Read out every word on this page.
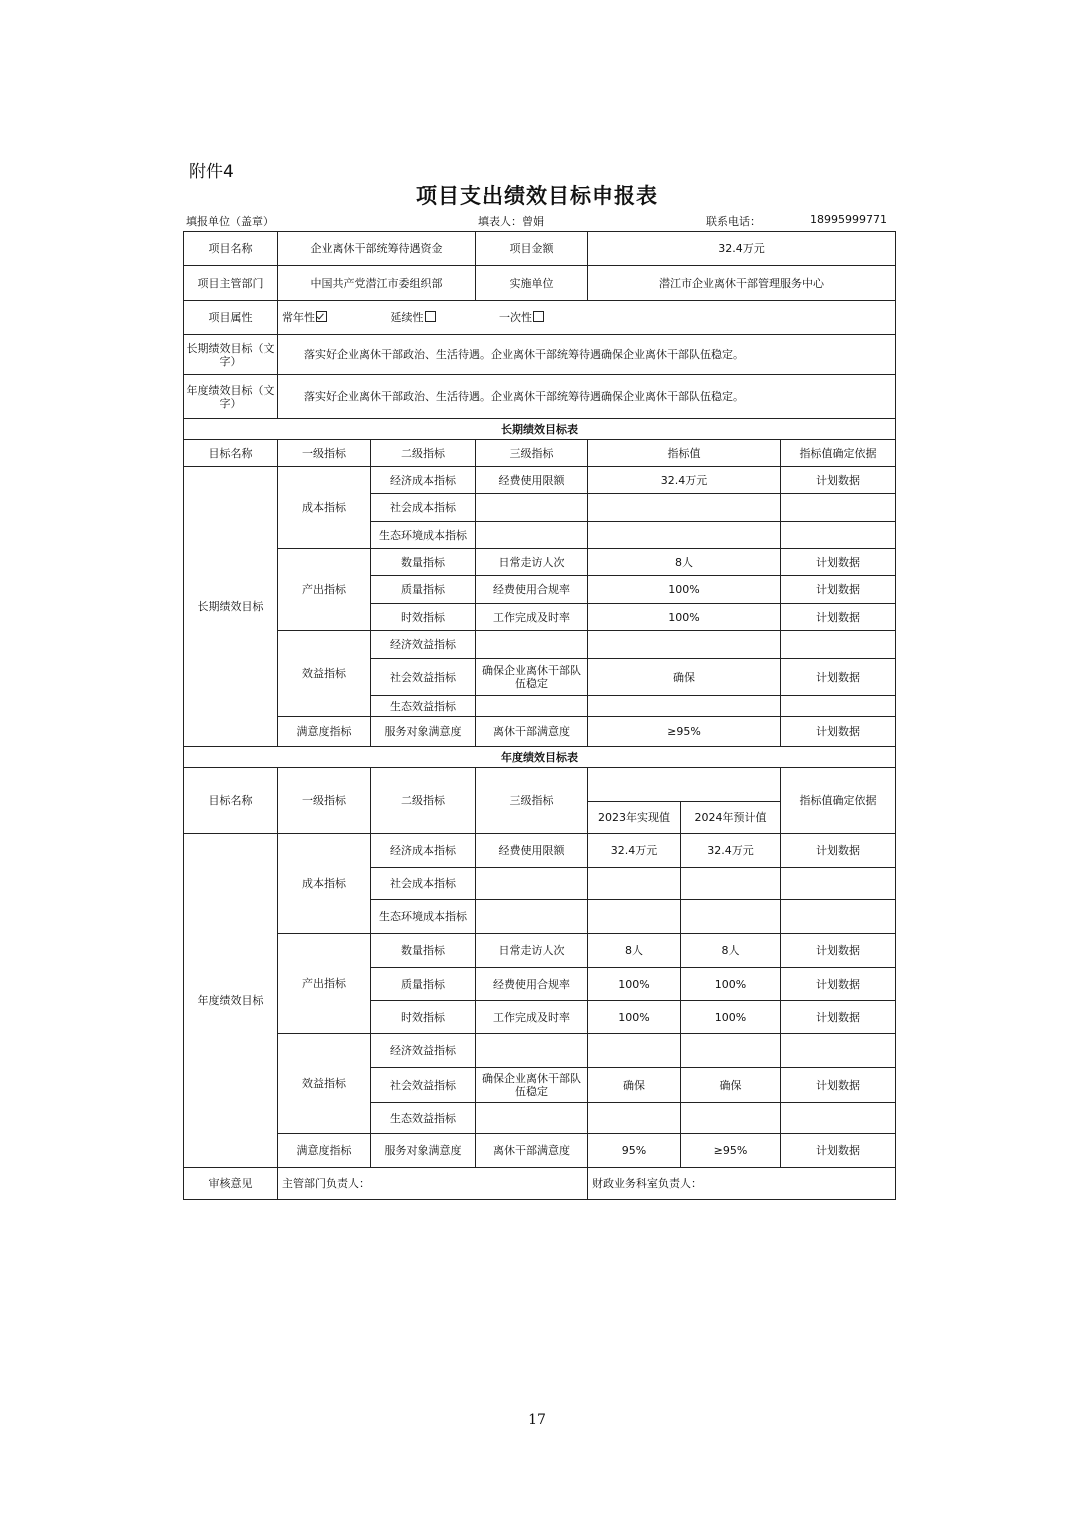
附件4
项目支出绩效目标申报表
填报单位（盖章）	填表人：曾娟	联系电话：	18995999771
项目名称	企业离休干部统筹待遇资金		项目金额	32.4万元		
项目主管部门	中国共产党潜江市委组织部		实施单位	潜江市企业离休干部管理服务中心		
项目属性	常年性 延续性 一次性					
长期绩效目标（文字）	落实好企业离休干部政治、生活待遇。企业离休干部统筹待遇确保企业离休干部队伍稳定。					
年度绩效目标（文字）	落实好企业离休干部政治、生活待遇。企业离休干部统筹待遇确保企业离休干部队伍稳定。					
长期绩效目标表						
目标名称	一级指标	二级指标	三级指标	指标值		指标值确定依据
长期绩效目标	成本指标	经济成本指标	经费使用限额	32.4万元		计划数据
		社会成本指标				
		生态环境成本指标				
	产出指标	数量指标	日常走访人次	8人		计划数据
		质量指标	经费使用合规率	100%		计划数据
		时效指标	工作完成及时率	100%		计划数据
	效益指标	经济效益指标				
		社会效益指标	确保企业离休干部队伍稳定	确保		计划数据
		生态效益指标				
	满意度指标	服务对象满意度	离休干部满意度	≥95%		计划数据
年度绩效目标表						
目标名称	一级指标	二级指标	三级指标			指标值确定依据
				2023年实现值	2024年预计值	
年度绩效目标	成本指标	经济成本指标	经费使用限额	32.4万元	32.4万元	计划数据
		社会成本指标				
		生态环境成本指标				
	产出指标	数量指标	日常走访人次	8人	8人	计划数据
		质量指标	经费使用合规率	100%	100%	计划数据
		时效指标	工作完成及时率	100%	100%	计划数据
	效益指标	经济效益指标				
		社会效益指标	确保企业离休干部队伍稳定	确保	确保	计划数据
		生态效益指标				
	满意度指标	服务对象满意度	离休干部满意度	95%	≥95%	计划数据
审核意见	主管部门负责人：			财政业务科室负责人：		
17
